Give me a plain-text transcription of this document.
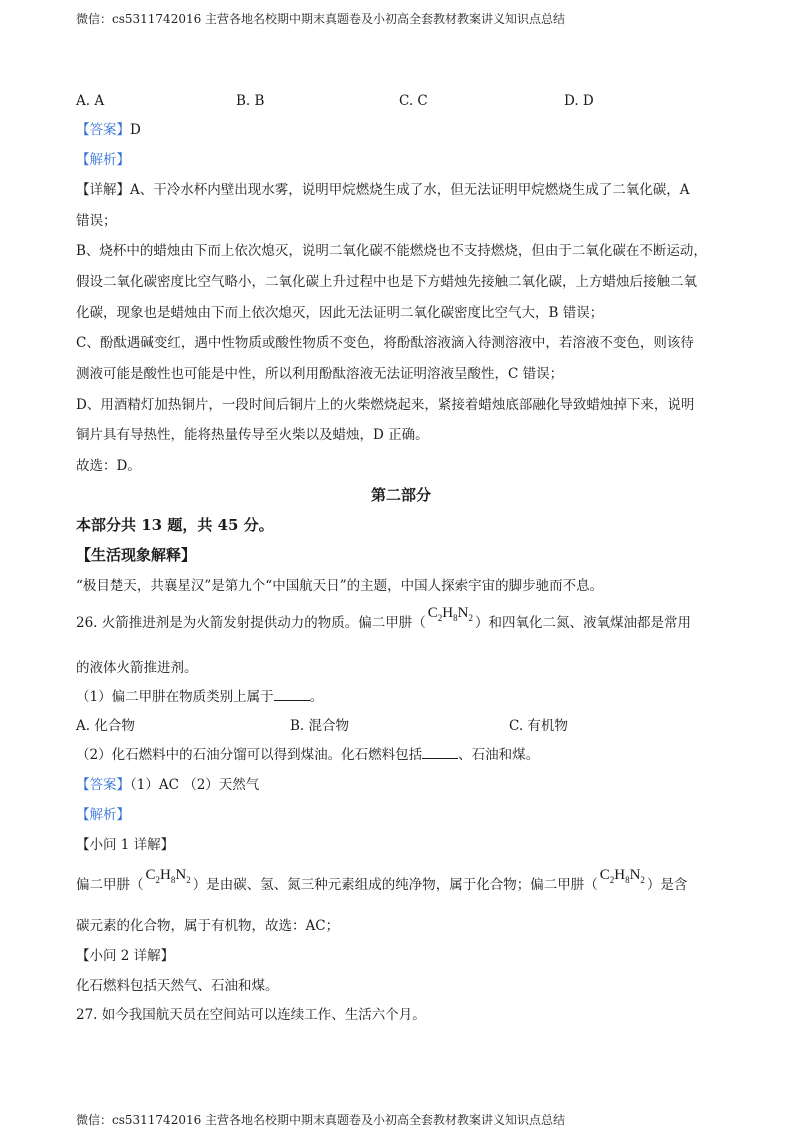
微信：cs5311742016 主营各地名校期中期末真题卷及小初高全套教材教案讲义知识点总结
A. A	B. B	C. C	D. D
【答案】D
【解析】
【详解】A、干冷水杯内壁出现水雾，说明甲烷燃烧生成了水，但无法证明甲烷燃烧生成了二氧化碳，A
错误；
B、烧杯中的蜡烛由下而上依次熄灭，说明二氧化碳不能燃烧也不支持燃烧，但由于二氧化碳在不断运动，
假设二氧化碳密度比空气略小，二氧化碳上升过程中也是下方蜡烛先接触二氧化碳，上方蜡烛后接触二氧
化碳，现象也是蜡烛由下而上依次熄灭，因此无法证明二氧化碳密度比空气大，B 错误；
C、酚酞遇碱变红，遇中性物质或酸性物质不变色，将酚酞溶液滴入待测溶液中，若溶液不变色，则该待
测液可能是酸性也可能是中性，所以利用酚酞溶液无法证明溶液呈酸性，C 错误；
D、用酒精灯加热铜片，一段时间后铜片上的火柴燃烧起来，紧接着蜡烛底部融化导致蜡烛掉下来，说明
铜片具有导热性，能将热量传导至火柴以及蜡烛，D 正确。
故选：D。
第二部分
本部分共 13 题，共 45 分。
【生活现象解释】
“极目楚天，共襄星汉”是第九个“中国航天日”的主题，中国人探索宇宙的脚步驰而不息。
26. 火箭推进剂是为火箭发射提供动力的物质。偏二甲肼（$C_2H_8N_2$ ）和四氧化二氮、液氧煤油都是常用
的液体火箭推进剂。
（1）偏二甲肼在物质类别上属于	。
A. 化合物	B. 混合物	C. 有机物
（2）化石燃料中的石油分馏可以得到煤油。化石燃料包括	、石油和煤。
【答案】（1）AC （2）天然气
【解析】
【小问 1 详解】
偏二甲肼（$C_2H_8N_2$ ）是由碳、氢、氮三种元素组成的纯净物，属于化合物；偏二甲肼（$C_2H_8N_2$ ）是含
碳元素的化合物，属于有机物，故选：AC；
【小问 2 详解】
化石燃料包括天然气、石油和煤。
27. 如今我国航天员在空间站可以连续工作、生活六个月。
微信：cs5311742016 主营各地名校期中期末真题卷及小初高全套教材教案讲义知识点总结
